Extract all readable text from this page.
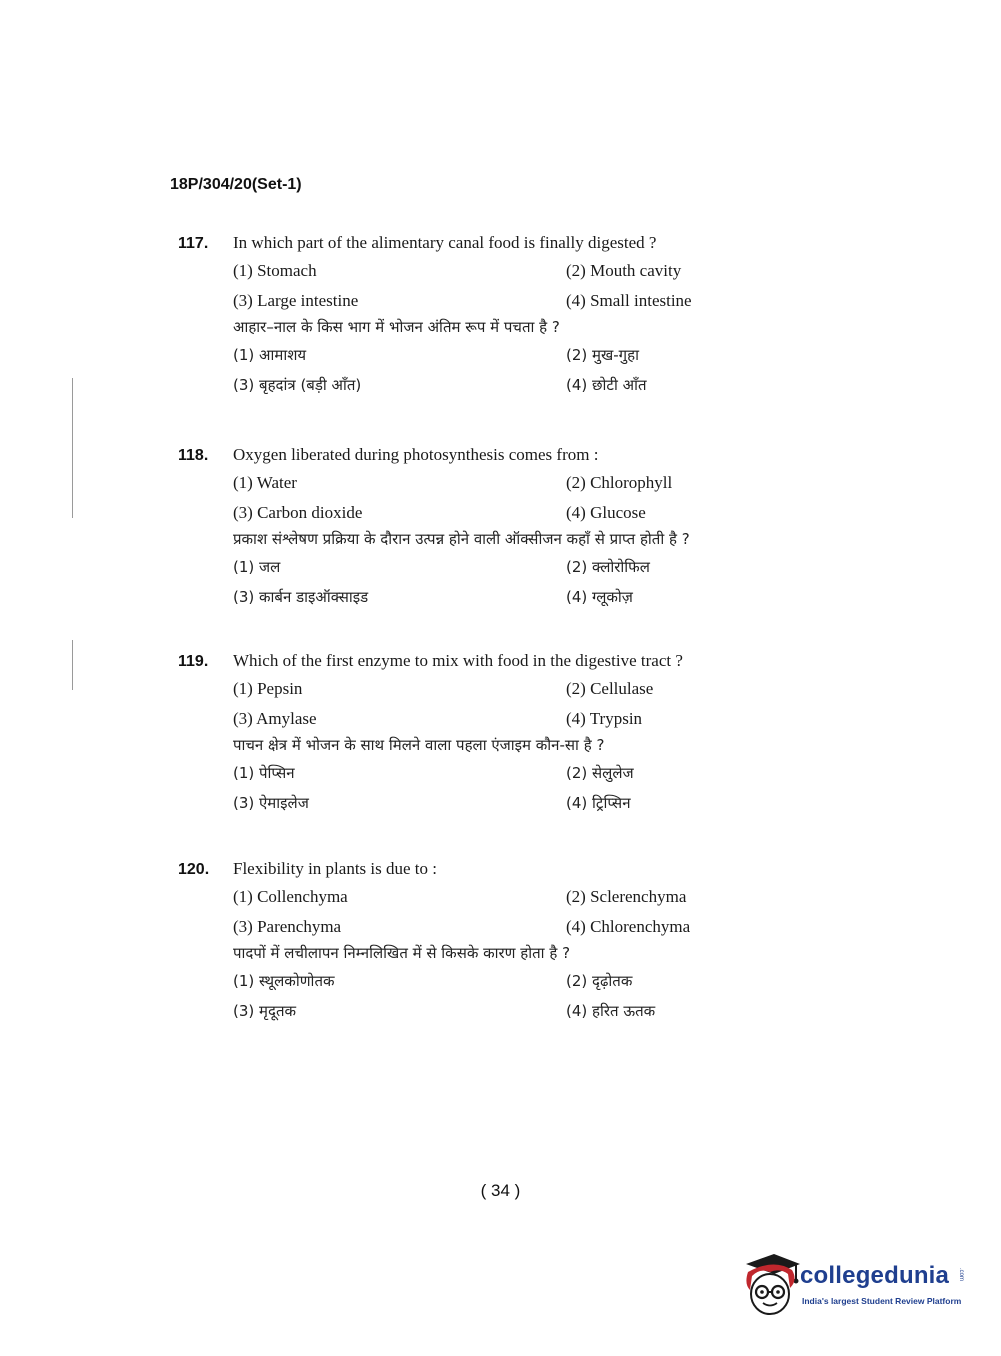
18P/304/20(Set-1)
117.	In which part of the alimentary canal food is finally digested ?
(1) Stomach	(2) Mouth cavity
(3) Large intestine	(4) Small intestine
आहार–नाल के किस भाग में भोजन अंतिम रूप में पचता है ?
(1) आमाशय	(2) मुख-गुहा
(3) बृहदांत्र (बड़ी आँत)	(4) छोटी आँत
118.	Oxygen liberated during photosynthesis comes from :
(1) Water	(2) Chlorophyll
(3) Carbon dioxide	(4) Glucose
प्रकाश संश्लेषण प्रक्रिया के दौरान उत्पन्न होने वाली ऑक्सीजन कहाँ से प्राप्त होती है ?
(1) जल	(2) क्लोरोफिल
(3) कार्बन डाइऑक्साइड	(4) ग्लूकोज़
119.	Which of the first enzyme to mix with food in the digestive tract ?
(1) Pepsin	(2) Cellulase
(3) Amylase	(4) Trypsin
पाचन क्षेत्र में भोजन के साथ मिलने वाला पहला एंजाइम कौन-सा है ?
(1) पेप्सिन	(2) सेलुलेज
(3) ऐमाइलेज	(4) ट्रिप्सिन
120.	Flexibility in plants is due to :
(1) Collenchyma	(2) Sclerenchyma
(3) Parenchyma	(4) Chlorenchyma
पादपों में लचीलापन निम्नलिखित में से किसके कारण होता है ?
(1) स्थूलकोणोतक	(2) दृढ़ोतक
(3) मृदूतक	(4) हरित ऊतक
( 34 )
collegedunia .com
India's largest Student Review Platform
